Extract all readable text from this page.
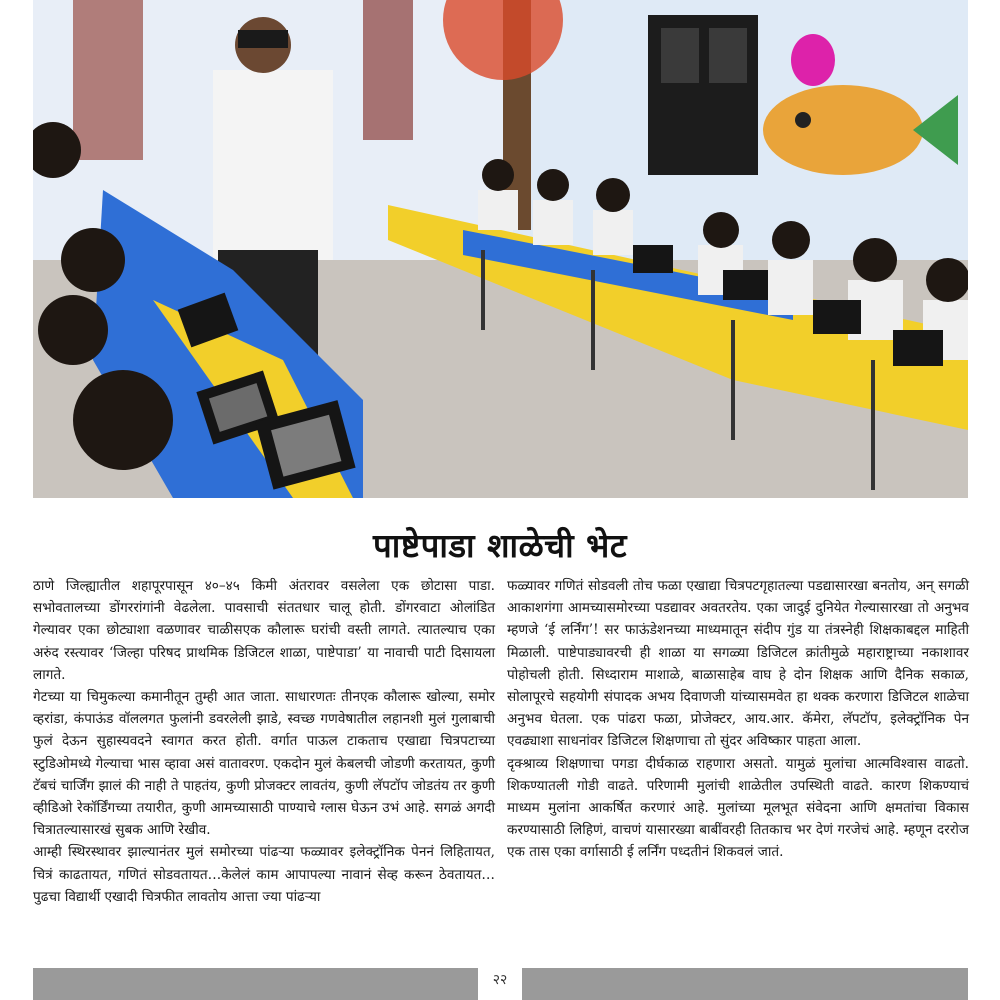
पाष्टेपाडा शाळेची भेट

ठाणे जिल्ह्यातील शहापूरपासून ४०–४५ किमी अंतरावर वसलेला एक छोटासा पाडा. सभोवतालच्या डोंगररांगांनी वेढलेला. पावसाची संततधार चालू होती. डोंगरवाटा ओलांडित गेल्यावर एका छोट्याशा वळणावर चाळीसएक कौलारू घरांची वस्ती लागते. त्यातल्याच एका अरुंद रस्त्यावर ‘जिल्हा परिषद प्राथमिक डिजिटल शाळा, पाष्टेपाडा’ या नावाची पाटी दिसायला लागते.

गेटच्या या चिमुकल्या कमानीतून तुम्ही आत जाता. साधारणतः तीनएक कौलारू खोल्या, समोर व्हरांडा, कंपाऊंड वॉललगत फुलांनी डवरलेली झाडे, स्वच्छ गणवेषातील लहानशी मुलं गुलाबाची फुलं देऊन सुहास्यवदने स्वागत करत होती. वर्गात पाऊल टाकताच एखाद्या चित्रपटाच्या स्टुडिओमध्ये गेल्याचा भास व्हावा असं वातावरण. एकदोन मुलं केबलची जोडणी करतायत, कुणी टॅबचं चार्जिंग झालं की नाही ते पाहतंय, कुणी प्रोजक्टर लावतंय, कुणी लॅपटॉप जोडतंय तर कुणी व्हीडिओ रेकॉर्डिंगच्या तयारीत, कुणी आमच्यासाठी पाण्याचे ग्लास घेऊन उभं आहे. सगळं अगदी चित्रातल्यासारखं सुबक आणि रेखीव.

आम्ही स्थिरस्थावर झाल्यानंतर मुलं समोरच्या पांढऱ्या फळ्यावर इलेक्ट्रॉनिक पेननं लिहितायत, चित्रं काढतायत, गणितं सोडवतायत…केलेलं काम आपापल्या नावानं सेव्ह करून ठेवतायत…पुढचा विद्यार्थी एखादी चित्रफीत लावतोय आत्ता ज्या पांढऱ्या

फळ्यावर गणितं सोडवली तोच फळा एखाद्या चित्रपटगृहातल्या पडद्यासारखा बनतोय, अन् सगळी आकाशगंगा आमच्यासमोरच्या पडद्यावर अवतरतेय. एका जादुई दुनियेत गेल्यासारखा तो अनुभव म्हणजे ‘ई लर्निंग’! सर फाऊंडेशनच्या माध्यमातून संदीप गुंड या तंत्रस्नेही शिक्षकाबद्दल माहिती मिळाली. पाष्टेपाड्यावरची ही शाळा या सगळ्या डिजिटल क्रांतीमुळे महाराष्ट्राच्या नकाशावर पोहोचली होती. सिध्दाराम माशाळे, बाळासाहेब वाघ हे दोन शिक्षक आणि दैनिक सकाळ, सोलापूरचे सहयोगी संपादक अभय दिवाणजी यांच्यासमवेत हा थक्क करणारा डिजिटल शाळेचा अनुभव घेतला. एक पांढरा फळा, प्रोजेक्टर, आय.आर. कॅमेरा, लॅपटॉप, इलेक्ट्रॉनिक पेन एवढ्याशा साधनांवर डिजिटल शिक्षणाचा तो सुंदर अविष्कार पाहता आला.

दृक्श्राव्य शिक्षणाचा पगडा दीर्घकाळ राहणारा असतो. यामुळं मुलांचा आत्मविश्वास वाढतो. शिकण्यातली गोडी वाढते. परिणामी मुलांची शाळेतील उपस्थिती वाढते. कारण शिकण्याचं माध्यम मुलांना आकर्षित करणारं आहे. मुलांच्या मूलभूत संवेदना आणि क्षमतांचा विकास करण्यासाठी लिहिणं, वाचणं यासारख्या बाबींवरही तितकाच भर देणं गरजेचं आहे. म्हणून दररोज एक तास एका वर्गासाठी ई लर्निंग पध्दतीनं शिकवलं जातं.

२२
